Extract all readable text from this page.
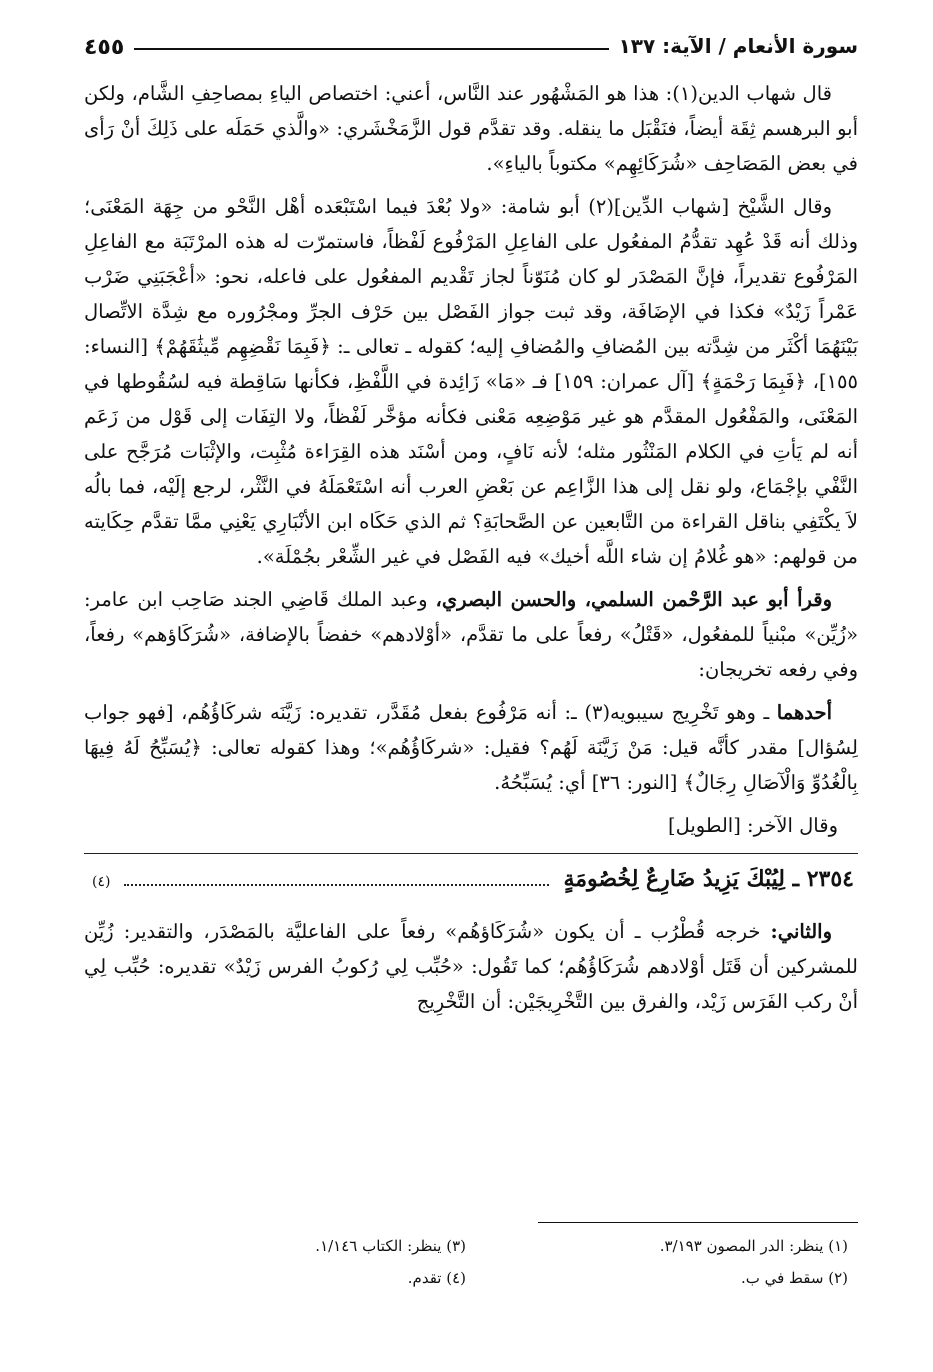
سورة الأنعام / الآية: ١٣٧
٤٥٥

قال شهاب الدين(١): هذا هو المَشْهُور عند النَّاس، أعني: اختصاص الياءِ بمصاحِفِ الشَّام، ولكن أبو البرهسم ثِقَة أيضاً، فنَقْبَل ما ينقله. وقد تقدَّم قول الزَّمَخْشَري: «والَّذي حَمَلَه على ذَلِكَ أنْ رَأى في بعض المَصَاحِف «شُرَكَائِهِم» مكتوباً بالياءِ».

وقال الشَّيْخ [شهاب الدِّين](٢) أبو شامة: «ولا بُعْدَ فيما اسْتَبْعَده أهْل النَّحْو من جِهَة المَعْنَى؛ وذلك أنه قَدْ عُهِد تقدُّمُ المفعُول على الفاعِلِ المَرْفُوع لَفْظاً، فاستمرّت له هذه المرْتَبَة مع الفاعِلِ المَرْفُوع تقديراً، فإنَّ المَصْدَر لو كان مُنَوّناً لجاز تَقْديم المفعُول على فاعله، نحو: «أعْجَبَنِي ضَرْب عَمْراً زَيْدٌ» فكذا في الإضَافَة، وقد ثبت جواز الفَصْل بين حَرْف الجرِّ ومجْرُوره مع شِدَّة الاتِّصال بَيْنَهُمَا أكْثَر من شِدَّته بين المُضافِ والمُضافِ إليه؛ كقوله ـ تعالى ـ: ﴿فَبِمَا نَقْضِهِم مِّيثَٰقَهُمْ﴾ [النساء: ١٥٥]، ﴿فَبِمَا رَحْمَةٍ﴾ [آل عمران: ١٥٩] فـ «مَا» زَائِدة في اللَّفْظِ، فكأنها سَاقِطة فيه لسُقُوطها في المَعْنَى، والمَفْعُول المقدَّم هو غير مَوْضِعِه مَعْنى فكأنه مؤخَّر لَفْظاً، ولا التِفَات إلى قَوْل من زَعَم أنه لم يَأتِ في الكلام المَنْثُور مثله؛ لأنه نَافٍ، ومن أسْنَد هذه القِرَاءة مُثْبِت، والإثْبَات مُرَجَّح على النَّفْي بإجْمَاع، ولو نقل إلى هذا الزَّاعِم عن بَعْضِ العرب أنه اسْتَعْمَلَهُ في النَّثْر، لرجع إلَيْه، فما بالُه لاَ يكْتَفِي بناقل القراءة من التَّابعين عن الصَّحابَةِ؟ ثم الذي حَكَاه ابن الأنْبَارِي يَعْنِي ممَّا تقدَّم حِكَايته من قولهم: «هو غُلامُ إن شاء اللَّه أخيك» فيه الفَصْل في غير الشِّعْر بجُمْلَة».

وقرأ أبو عبد الرَّحْمن السلمي، والحسن البصري، وعبد الملك قَاضِي الجند صَاحِب ابن عامر: «زُيِّن» مبْنياً للمفعُول، «قَتْلُ» رفعاً على ما تقدَّم، «أوْلادهم» خفضاً بالإضافة، «شُرَكَاؤهم» رفعاً، وفي رفعه تخريجان:

أحدهما ـ وهو تَخْرِيج سيبويه(٣) ـ: أنه مَرْفُوع بفعل مُقَدَّر، تقديره: زَيَّنَه شركَاؤُهُم، [فهو جواب لِسُؤال] مقدر كأنَّه قيل: مَنْ زَيَّنَة لَهُم؟ فقيل: «شركَاؤُهُم»؛ وهذا كقوله تعالى: ﴿يُسَبِّحُ لَهُ فِيهَا بِالْغُدُوِّ وَالْآصَالِ رِجَالٌ﴾ [النور: ٣٦] أي: يُسَبِّحُهُ.

وقال الآخر: [الطويل]
٢٣٥٤ ـ لِيُبْكَ يَزِيدُ ضَارِعٌ لِخُصُومَةٍ
(٤)

والثاني: خرجه قُطْرُب ـ أن يكون «شُرَكَاؤهُم» رفعاً على الفاعليَّة بالمَصْدَر، والتقدير: زُيِّن للمشركين أن قَتَل أوْلادهم شُرَكَاؤُهُم؛ كما تَقُول: «حُبِّب لِي رُكوبُ الفرس زَيْدٌ» تقديره: حُبِّب لِي أنْ ركب الفَرَس زَيْد، والفرق بين التَّخْرِيجَيْن: أن التَّخْرِيج

(١) ينظر: الدر المصون ٣/١٩٣.
(٣) ينظر: الكتاب ١/١٤٦.
(٢) سقط في ب.
(٤) تقدم.
